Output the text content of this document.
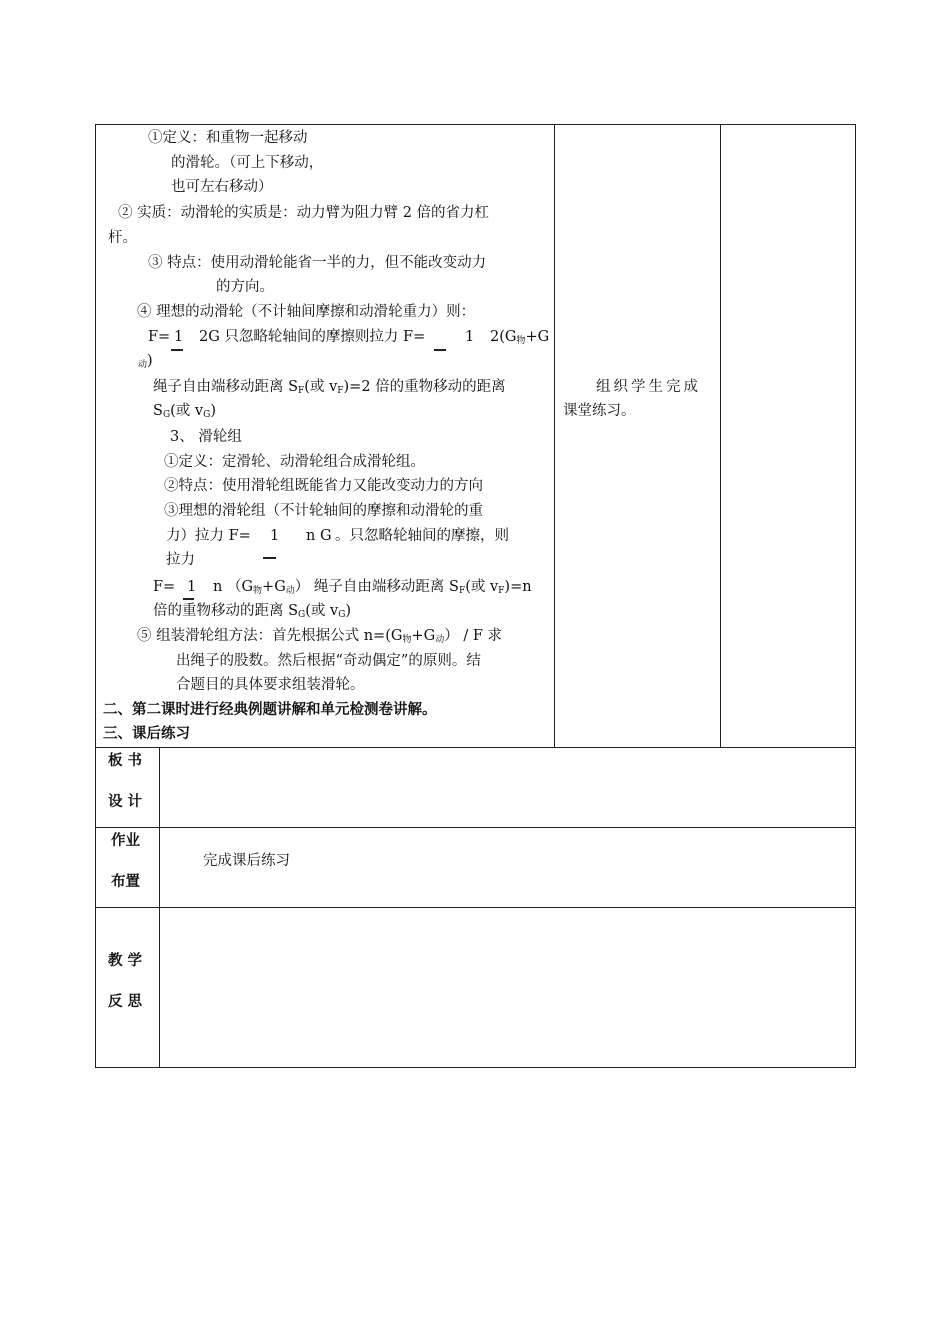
①定义：和重物一起移动
的滑轮。（可上下移动，
也可左右移动）
② 实质：动滑轮的实质是：动力臂为阻力臂 2 倍的省力杠
杆。
③ 特点：使用动滑轮能省一半的力，但不能改变动力
的方向。
④ 理想的动滑轮（不计轴间摩擦和动滑轮重力）则：
F= 1 2G 只忽略轮轴间的摩擦则拉力 F=	1 $2(G_物+G$
$_动$)
绳子自由端移动距离 $S_F$(或 $v_F)=2$ 倍的重物移动的距离
$S_G$(或 $v_G$)
3、 滑轮组
①定义：定滑轮、动滑轮组合成滑轮组。
②特点：使用滑轮组既能省力又能改变动力的方向
③理想的滑轮组（不计轮轴间的摩擦和动滑轮的重
力）拉力 F= 1 n G 。只忽略轮轴间的摩擦，则
拉力
F= 1 n $(G_物+G_动)$ 绳子自由端移动距离 $S_F$(或 $v_F)=n$
倍的重物移动的距离 $S_G$(或 $v_G$)
⑤ 组装滑轮组方法：首先根据公式 $n=(G_物+G_动) / F$ 求
出绳子的股数。然后根据“奇动偶定”的原则。结
合题目的具体要求组装滑轮。
二、第二课时进行经典例题讲解和单元检测卷讲解。
三、课后练习
组织学生完成
课堂练习。
板 书
设 计
作业
布置
完成课后练习
教 学
反 思
